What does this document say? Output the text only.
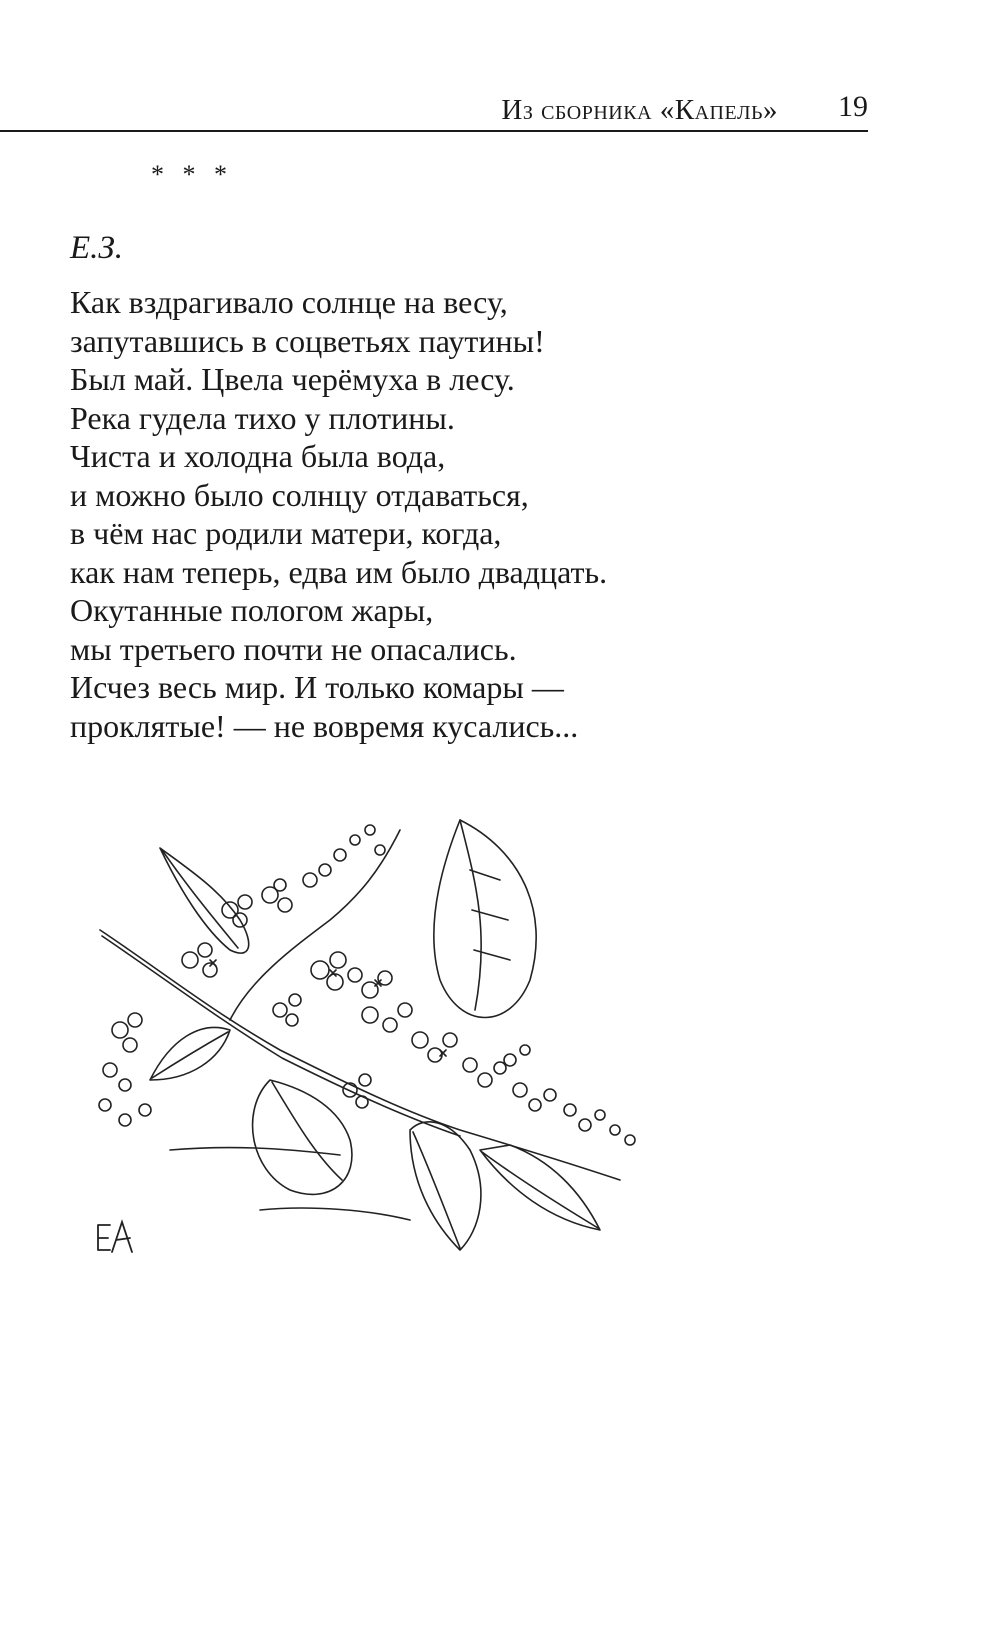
Из сборника «Капель» 19
* * *
Е.З.
Как вздрагивало солнце на весу,
запутавшись в соцветьях паутины!
Был май. Цвела черёмуха в лесу.
Река гудела тихо у плотины.
Чиста и холодна была вода,
и можно было солнцу отдаваться,
в чём нас родили матери, когда,
как нам теперь, едва им было двадцать.
Окутанные пологом жары,
мы третьего почти не опасались.
Исчез весь мир. И только комары —
проклятые! — не вовремя кусались...
